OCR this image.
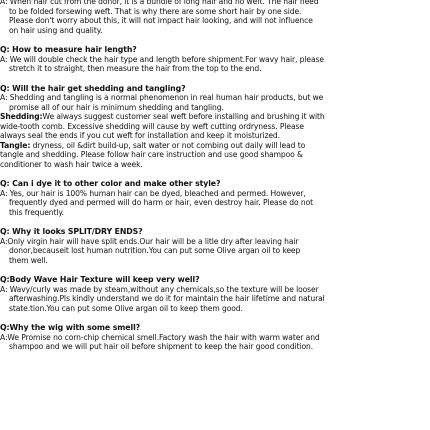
A: When hair cut from the donor, it is a bundle of long hair and no weft. The hair need

to be folded forsewing weft. That is why there are some short hair by one side.

Please don't worry about this, it will not impact hair looking, and will not influence

on hair using and quality.

Q: How to measure hair length?

A: We will double check the hair type and length before shipment.For wavy hair, please

stretch it to straight, then measure the hair from the top to the end.

Q: Will the hair get shedding and tangling?

A: Shedding and tangling is a normal phenomenon in real human hair products, but we

promise all of our hair is minimum shedding and tangling.

Shedding:We always suggest customer seal weft before installing and brushing it with

wide-tooth comb. Excessive shedding will cause by weft cutting ordryness. Please

always seal the ends if you cut weft for installation and keep it moisturized.

Tangle: dryness, oil &dirt build-up, salt water or not combing out daily will lead to

tangle and shedding. Please follow hair care instruction and use good shampoo &

conditioner to wash hair twice a week.

Q: Can i dye it to other color and make other style?

A: Yes, our hair is 100% human hair can be dyed, bleached and permed. However,

frequently dyed and permed will do harm or hair, even destroy hair. Please do not

this frequently.

Q: Why it looks SPLIT/DRY ENDS?

A:Only virgin hair will have split ends.Our hair will be a litle dry after leaving hair

donor,becauseit lost human nutrition.You can put some Olive argan oil to keep

them well.

Q:Body Wave Hair Texture will keep very well?

A: Wavy/curly was made by steam,without any chemicals,so the texture will be looser

afterwashing.Pls kindly understand we do it for maintain the hair lifetime and natural

state.tion.You can put some Olive argan oil to keep them good.

Q:Why the wig with some smell?

A:We Promise no corn-chip chemical smell.Factory wash the hair with warm water and

shampoo and we will put hair oil before shipment to keep the hair good condition.
